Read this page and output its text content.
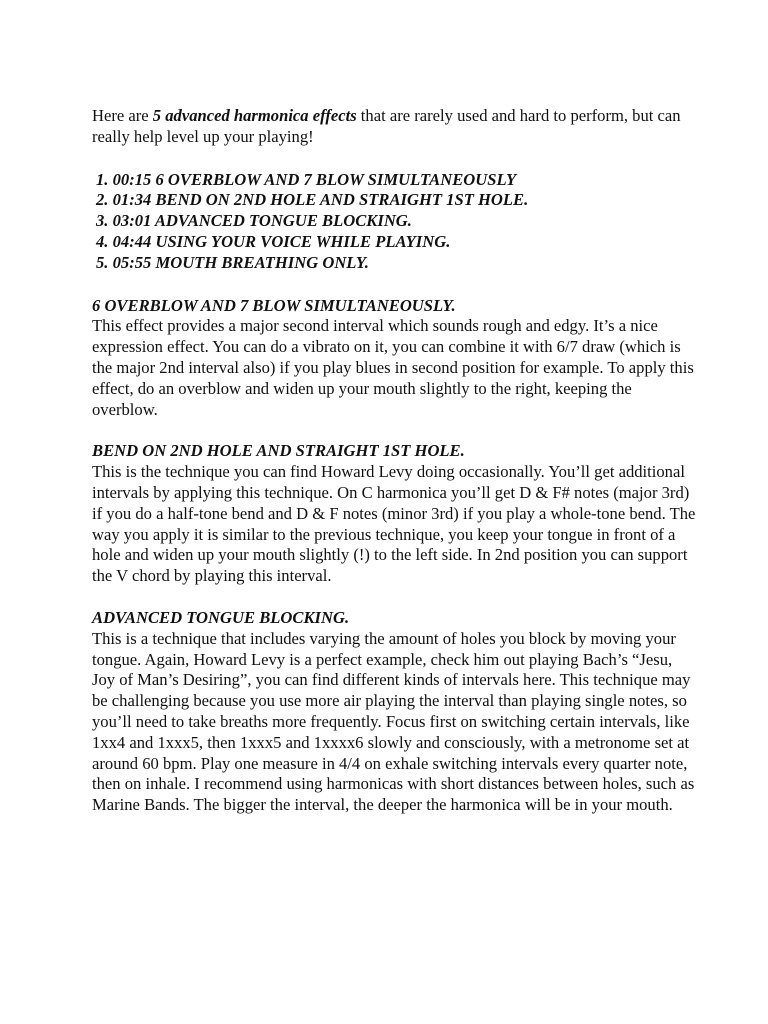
Here are 5 advanced harmonica effects that are rarely used and hard to perform, but can really help level up your playing!

1. 00:15 6 OVERBLOW AND 7 BLOW SIMULTANEOUSLY
2. 01:34 BEND ON 2ND HOLE AND STRAIGHT 1ST HOLE.
3. 03:01 ADVANCED TONGUE BLOCKING.
4. 04:44 USING YOUR VOICE WHILE PLAYING.
5. 05:55 MOUTH BREATHING ONLY.

6 OVERBLOW AND 7 BLOW SIMULTANEOUSLY.

This effect provides a major second interval which sounds rough and edgy. It’s a nice expression effect. You can do a vibrato on it, you can combine it with 6/7 draw (which is the major 2nd interval also) if you play blues in second position for example. To apply this effect, do an overblow and widen up your mouth slightly to the right, keeping the overblow.

BEND ON 2ND HOLE AND STRAIGHT 1ST HOLE.

This is the technique you can find Howard Levy doing occasionally. You’ll get additional intervals by applying this technique. On C harmonica you’ll get D & F# notes (major 3rd) if you do a half-tone bend and D & F notes (minor 3rd) if you play a whole-tone bend. The way you apply it is similar to the previous technique, you keep your tongue in front of a hole and widen up your mouth slightly (!) to the left side. In 2nd position you can support the V chord by playing this interval.

ADVANCED TONGUE BLOCKING.

This is a technique that includes varying the amount of holes you block by moving your tongue. Again, Howard Levy is a perfect example, check him out playing Bach’s “Jesu, Joy of Man’s Desiring”, you can find different kinds of intervals here. This technique may be challenging because you use more air playing the interval than playing single notes, so you’ll need to take breaths more frequently. Focus first on switching certain intervals, like 1xx4 and 1xxx5, then 1xxx5 and 1xxxx6 slowly and consciously, with a metronome set at around 60 bpm. Play one measure in 4/4 on exhale switching intervals every quarter note, then on inhale. I recommend using harmonicas with short distances between holes, such as Marine Bands. The bigger the interval, the deeper the harmonica will be in your mouth.
